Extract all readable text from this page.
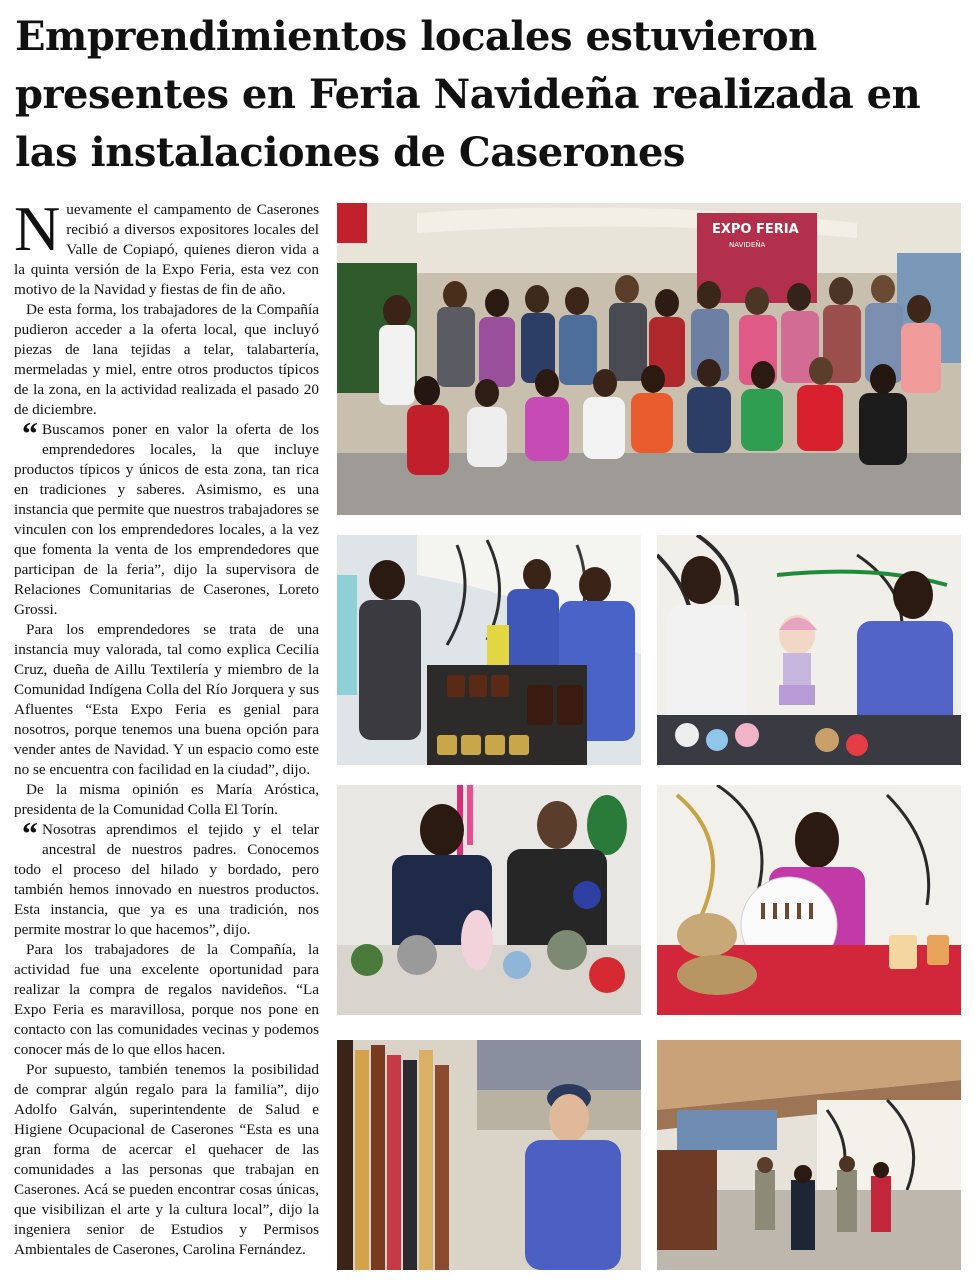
Emprendimientos locales estuvieron presentes en Feria Navideña realizada en las instalaciones de Caserones

Nuevamente el campamento de Caserones recibió a diversos expositores locales del Valle de Copiapó, quienes dieron vida a la quinta versión de la Expo Feria, esta vez con motivo de la Navidad y fiestas de fin de año.

De esta forma, los trabajadores de la Compañía pudieron acceder a la oferta local, que incluyó piezas de lana tejidas a telar, talabartería, mermeladas y miel, entre otros productos típicos de la zona, en la actividad realizada el pasado 20 de diciembre.

“ Buscamos poner en valor la oferta de los emprendedores locales, la que incluye productos típicos y únicos de esta zona, tan rica en tradiciones y saberes. Asimismo, es una instancia que permite que nuestros trabajadores se vinculen con los emprendedores locales, a la vez que fomenta la venta de los emprendedores que participan de la feria”, dijo la supervisora de Relaciones Comunitarias de Caserones, Loreto Grossi.

Para los emprendedores se trata de una instancia muy valorada, tal como explica Cecilia Cruz, dueña de Aillu Textilería y miembro de la Comunidad Indígena Colla del Río Jorquera y sus Afluentes “Esta Expo Feria es genial para nosotros, porque tenemos una buena opción para vender antes de Navidad. Y un espacio como este no se encuentra con facilidad en la ciudad”, dijo.

De la misma opinión es María Aróstica, presidenta de la Comunidad Colla El Torín.

“ Nosotras aprendimos el tejido y el telar ancestral de nuestros padres. Conocemos todo el proceso del hilado y bordado, pero también hemos innovado en nuestros productos. Esta instancia, que ya es una tradición, nos permite mostrar lo que hacemos”, dijo.

Para los trabajadores de la Compañía, la actividad fue una excelente oportunidad para realizar la compra de regalos navideños. “La Expo Feria es maravillosa, porque nos pone en contacto con las comunidades vecinas y podemos conocer más de lo que ellos hacen.

Por supuesto, también tenemos la posibilidad de comprar algún regalo para la familia”, dijo Adolfo Galván, superintendente de Salud e Higiene Ocupacional de Caserones “Esta es una gran forma de acercar el quehacer de las comunidades a las personas que trabajan en Caserones. Acá se pueden encontrar cosas únicas, que visibilizan el arte y la cultura local”, dijo la ingeniera senior de Estudios y Permisos Ambientales de Caserones, Carolina Fernández.

EXPO FERIA
NAVIDEÑA
